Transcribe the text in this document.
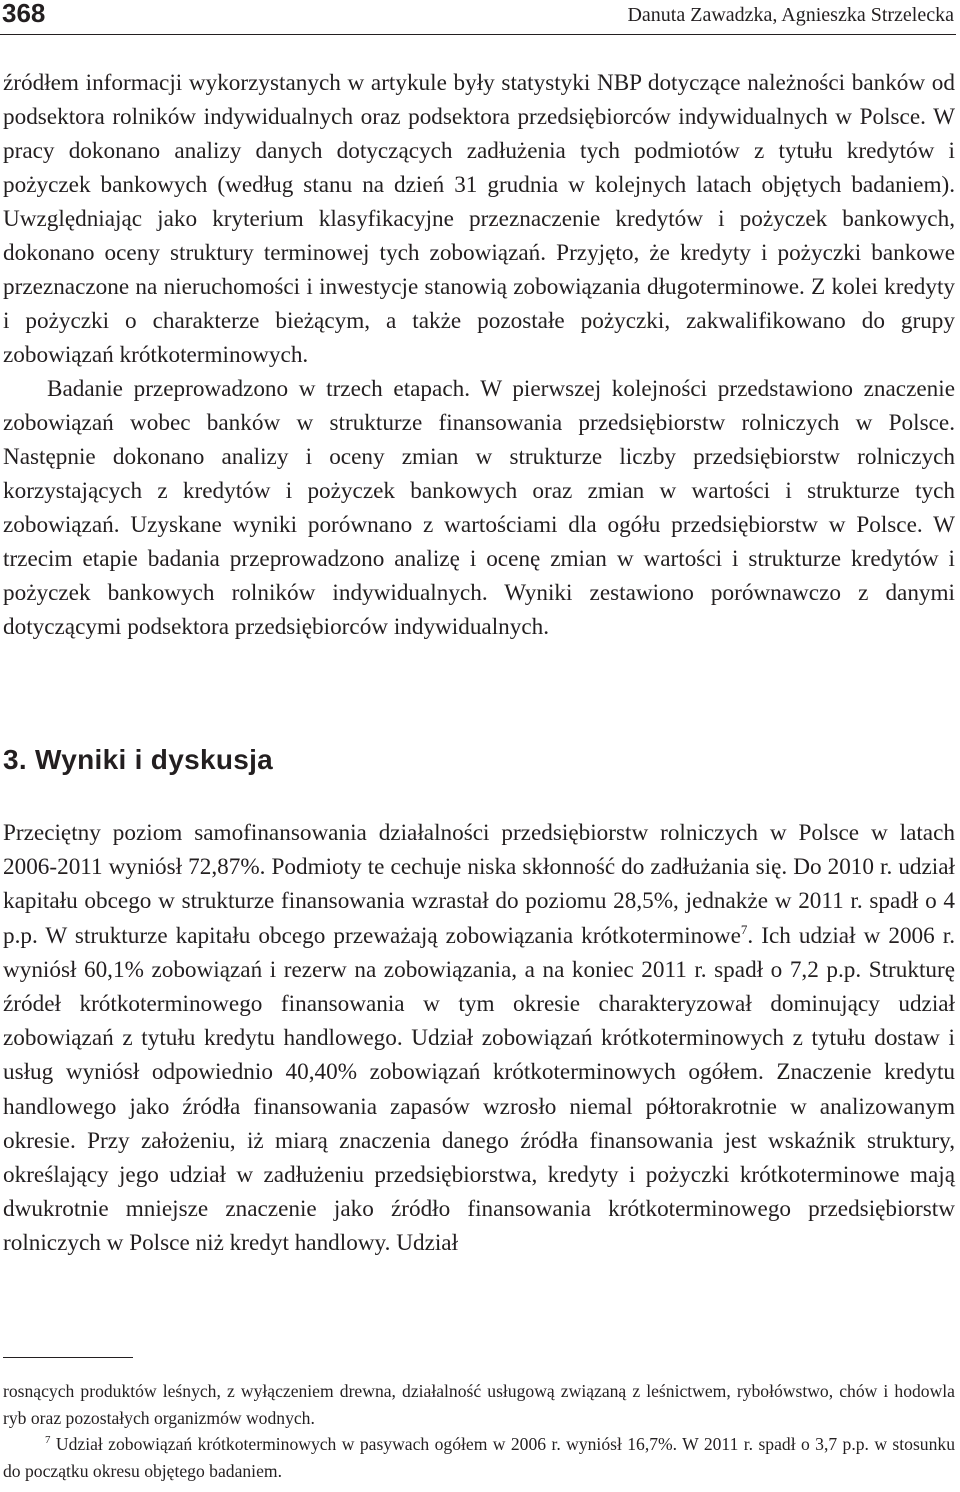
368	Danuta Zawadzka, Agnieszka Strzelecka

źródłem informacji wykorzystanych w artykule były statystyki NBP dotyczące należności banków od podsektora rolników indywidualnych oraz podsektora przedsiębiorców indywidualnych w Polsce. W pracy dokonano analizy danych dotyczących zadłużenia tych podmiotów z tytułu kredytów i pożyczek bankowych (według stanu na dzień 31 grudnia w kolejnych latach objętych badaniem). Uwzględniając jako kryterium klasyfikacyjne przeznaczenie kredytów i pożyczek bankowych, dokonano oceny struktury terminowej tych zobowiązań. Przyjęto, że kredyty i pożyczki bankowe przeznaczone na nieruchomości i inwestycje stanowią zobowiązania długoterminowe. Z kolei kredyty i pożyczki o charakterze bieżącym, a także pozostałe pożyczki, zakwalifikowano do grupy zobowiązań krótkoterminowych.

Badanie przeprowadzono w trzech etapach. W pierwszej kolejności przedstawiono znaczenie zobowiązań wobec banków w strukturze finansowania przedsiębiorstw rolniczych w Polsce. Następnie dokonano analizy i oceny zmian w strukturze liczby przedsiębiorstw rolniczych korzystających z kredytów i pożyczek bankowych oraz zmian w wartości i strukturze tych zobowiązań. Uzyskane wyniki porównano z wartościami dla ogółu przedsiębiorstw w Polsce. W trzecim etapie badania przeprowadzono analizę i ocenę zmian w wartości i strukturze kredytów i pożyczek bankowych rolników indywidualnych. Wyniki zestawiono porównawczo z danymi dotyczącymi podsektora przedsiębiorców indywidualnych.

3. Wyniki i dyskusja

Przeciętny poziom samofinansowania działalności przedsiębiorstw rolniczych w Polsce w latach 2006-2011 wyniósł 72,87%. Podmioty te cechuje niska skłonność do zadłużania się. Do 2010 r. udział kapitału obcego w strukturze finansowania wzrastał do poziomu 28,5%, jednakże w 2011 r. spadł o 4 p.p. W strukturze kapitału obcego przeważają zobowiązania krótkoterminowe$^7$. Ich udział w 2006 r. wyniósł 60,1% zobowiązań i rezerw na zobowiązania, a na koniec 2011 r. spadł o 7,2 p.p. Strukturę źródeł krótkoterminowego finansowania w tym okresie charakteryzował dominujący udział zobowiązań z tytułu kredytu handlowego. Udział zobowiązań krótkoterminowych z tytułu dostaw i usług wyniósł odpowiednio 40,40% zobowiązań krótkoterminowych ogółem. Znaczenie kredytu handlowego jako źródła finansowania zapasów wzrosło niemal półtorakrotnie w analizowanym okresie. Przy założeniu, iż miarą znaczenia danego źródła finansowania jest wskaźnik struktury, określający jego udział w zadłużeniu przedsiębiorstwa, kredyty i pożyczki krótkoterminowe mają dwukrotnie mniejsze znaczenie jako źródło finansowania krótkoterminowego przedsiębiorstw rolniczych w Polsce niż kredyt handlowy. Udział

rosnących produktów leśnych, z wyłączeniem drewna, działalność usługową związaną z leśnictwem, rybołówstwo, chów i hodowla ryb oraz pozostałych organizmów wodnych.

$^7$ Udział zobowiązań krótkoterminowych w pasywach ogółem w 2006 r. wyniósł 16,7%. W 2011 r. spadł o 3,7 p.p. w stosunku do początku okresu objętego badaniem.
